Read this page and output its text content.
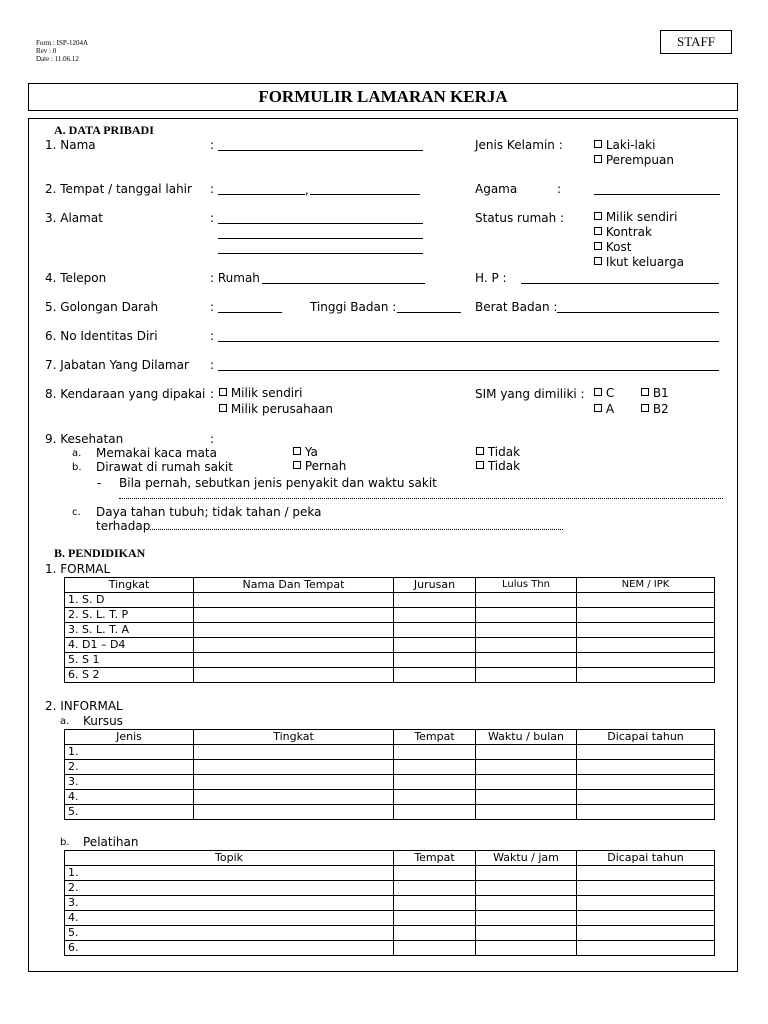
Form : ISP-1204A
Rev : 0
Date : 11.06.12
STAFF
FORMULIR LAMARAN KERJA
A. DATA PRIBADI
1. Nama	:	Jenis Kelamin :	Laki-laki
Perempuan
2. Tempat / tanggal lahir :	,	Agama	:
3. Alamat	:	Status rumah :	Milik sendiri
Kontrak
Kost
Ikut keluarga
4. Telepon	: Rumah	H. P :
5. Golongan Darah	:	Tinggi Badan :	Berat Badan :
6. No Identitas Diri	:
7. Jabatan Yang Dilamar :
8. Kendaraan yang dipakai :	Milik sendiri
Milik perusahaan
SIM yang dimiliki :	C	B1
A	B2
9. Kesehatan	:
a. Memakai kaca mata	Ya	Tidak
b. Dirawat di rumah sakit	Pernah	Tidak
- Bila pernah, sebutkan jenis penyakit dan waktu sakit
c. Daya tahan tubuh; tidak tahan / peka
terhadap
B. PENDIDIKAN
1. FORMAL
Tingkat	Nama Dan Tempat	Jurusan	Lulus Thn	NEM / IPK
1. S. D				
2. S. L. T. P				
3. S. L. T. A				
4. D1 – D4				
5. S 1				
6. S 2				
2. INFORMAL
a. Kursus
Jenis	Tingkat	Tempat	Waktu / bulan	Dicapai tahun
1.				
2.				
3.				
4.				
5.				
b. Pelatihan
Topik	Tempat	Waktu / jam	Dicapai tahun
1.			
2.			
3.			
4.			
5.			
6.			
